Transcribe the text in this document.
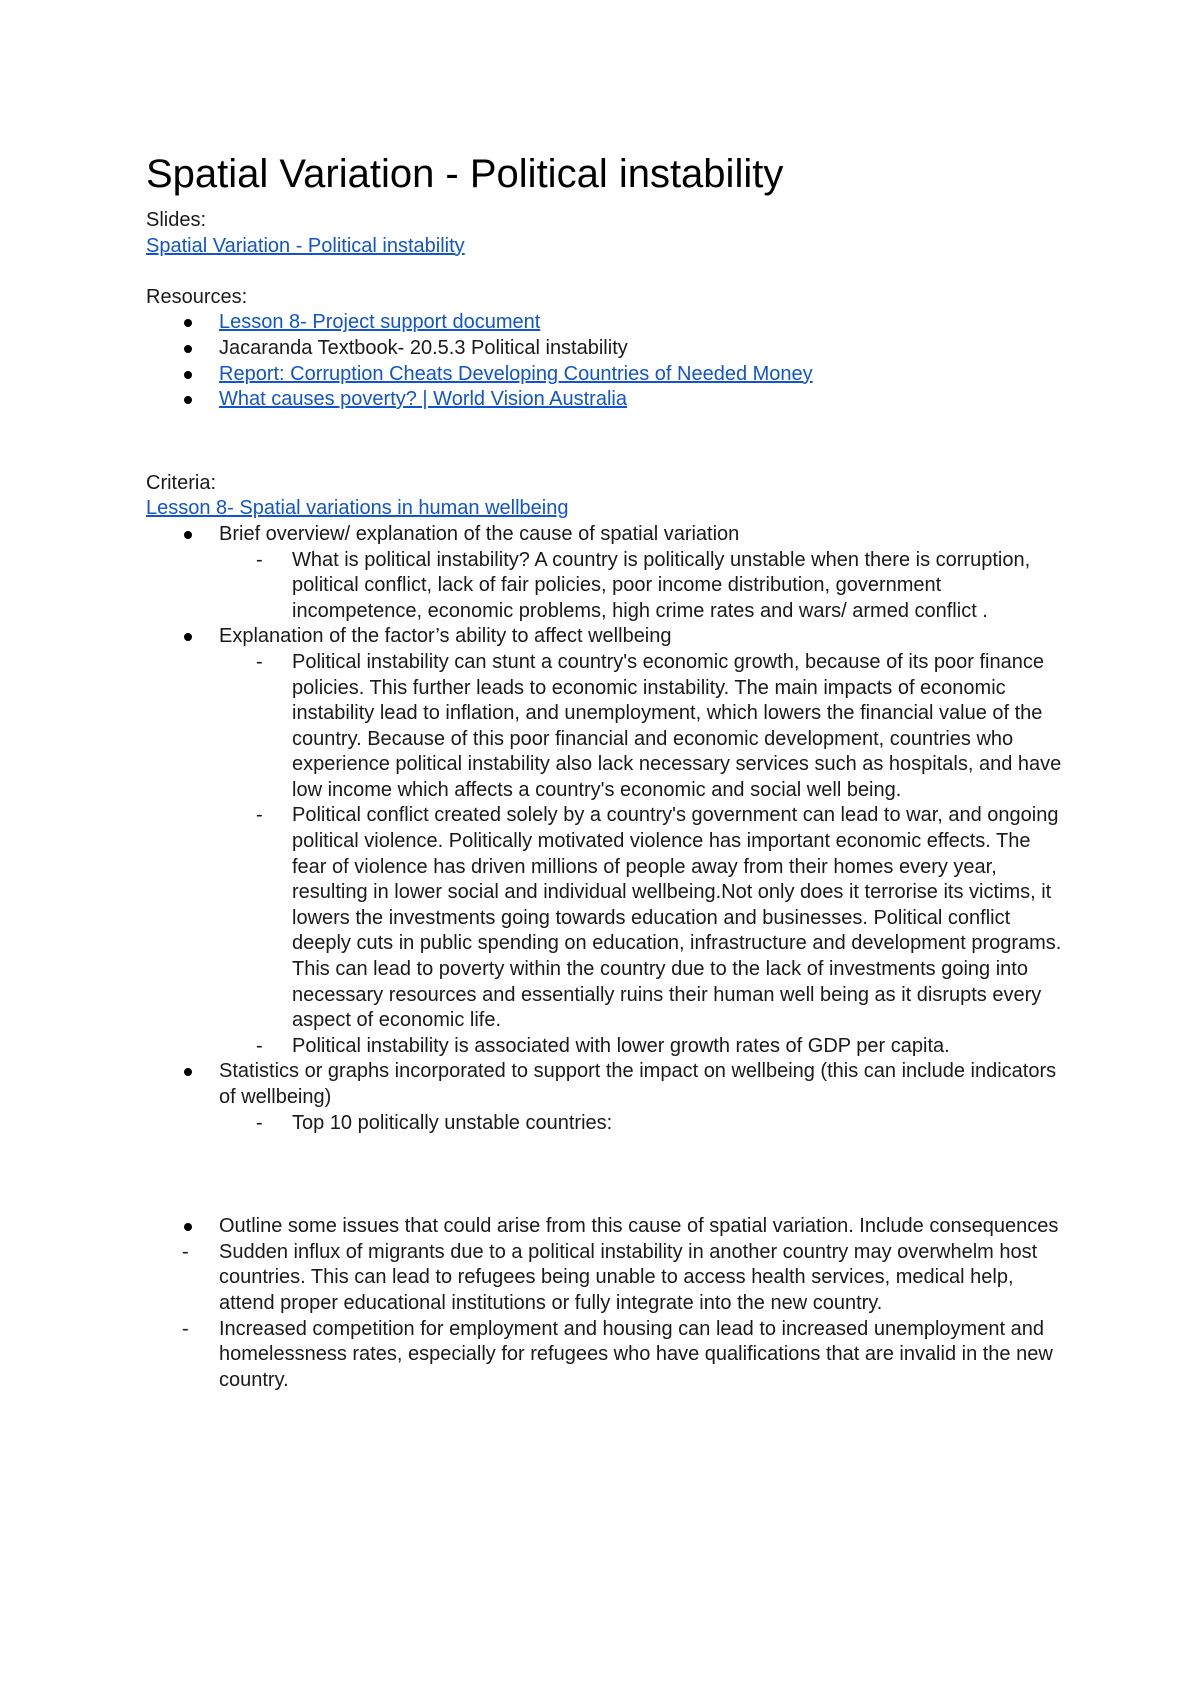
Spatial Variation - Political instability

Slides:

Spatial Variation - Political instability

Resources:

Lesson 8- Project support document
Jacaranda Textbook- 20.5.3 Political instability
Report: Corruption Cheats Developing Countries of Needed Money
What causes poverty? | World Vision Australia

Criteria:

Lesson 8- Spatial variations in human wellbeing

Brief overview/ explanation of the cause of spatial variation
- What is political instability? A country is politically unstable when there is corruption, political conflict, lack of fair policies, poor income distribution, government incompetence, economic problems, high crime rates and wars/ armed conflict .
Explanation of the factor’s ability to affect wellbeing
- Political instability can stunt a country's economic growth, because of its poor finance policies. This further leads to economic instability. The main impacts of economic instability lead to inflation, and unemployment, which lowers the financial value of the country. Because of this poor financial and economic development, countries who experience political instability also lack necessary services such as hospitals, and have low income which affects a country's economic and social well being.
- Political conflict created solely by a country's government can lead to war, and ongoing political violence. Politically motivated violence has important economic effects. The fear of violence has driven millions of people away from their homes every year, resulting in lower social and individual wellbeing.Not only does it terrorise its victims, it lowers the investments going towards education and businesses. Political conflict deeply cuts in public spending on education, infrastructure and development programs. This can lead to poverty within the country due to the lack of investments going into necessary resources and essentially ruins their human well being as it disrupts every aspect of economic life.
- Political instability is associated with lower growth rates of GDP per capita.
Statistics or graphs incorporated to support the impact on wellbeing (this can include indicators of wellbeing)
- Top 10 politically unstable countries:
Outline some issues that could arise from this cause of spatial variation. Include consequences
- Sudden influx of migrants due to a political instability in another country may overwhelm host countries. This can lead to refugees being unable to access health services, medical help, attend proper educational institutions or fully integrate into the new country.
- Increased competition for employment and housing can lead to increased unemployment and homelessness rates, especially for refugees who have qualifications that are invalid in the new country.
